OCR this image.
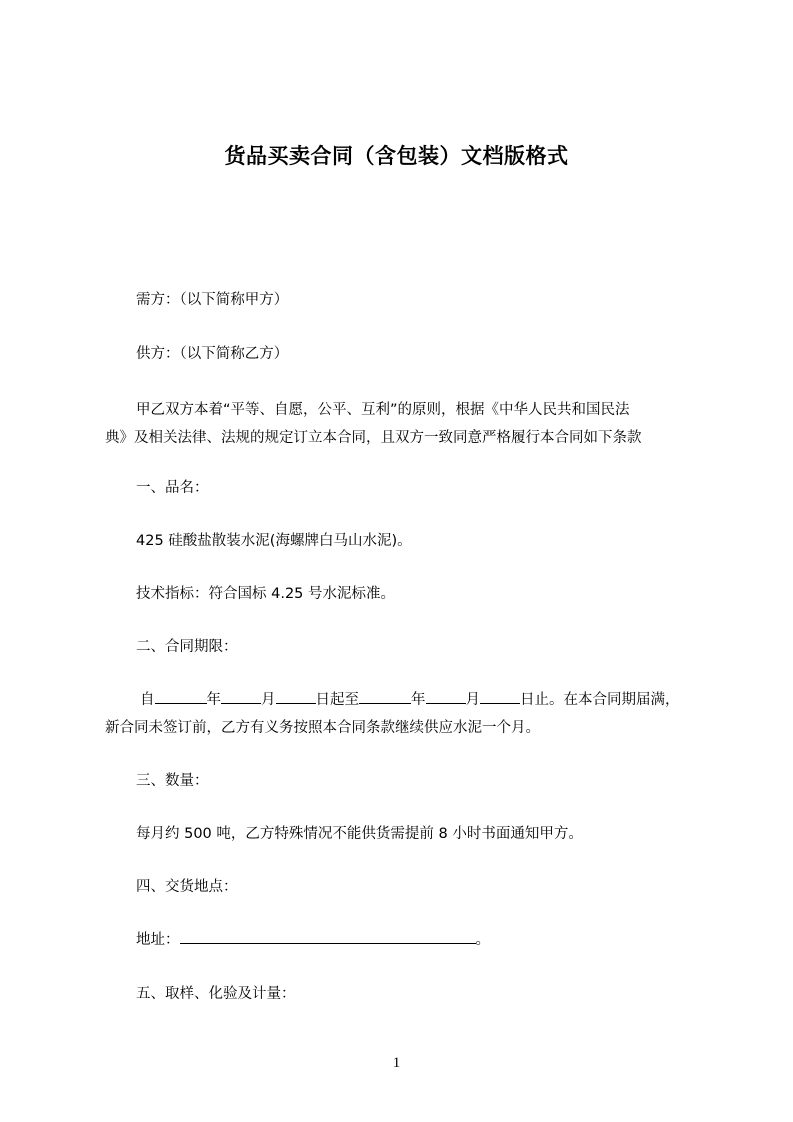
货品买卖合同（含包装）文档版格式
需方：（以下简称甲方）
供方：（以下简称乙方）
甲乙双方本着“平等、自愿，公平、互利”的原则，根据《中华人民共和国民法
典》及相关法律、法规的规定订立本合同，且双方一致同意严格履行本合同如下条款
一、品名：
425 硅酸盐散装水泥(海螺牌白马山水泥)。
技术指标：符合国标 4.25 号水泥标准。
二、合同期限：
自	年	月	日起至	年	月	日止。在本合同期届满，
新合同未签订前，乙方有义务按照本合同条款继续供应水泥一个月。
三、数量：
每月约 500 吨，乙方特殊情况不能供货需提前 8 小时书面通知甲方。
四、交货地点：
地址：	。
五、取样、化验及计量：
1
